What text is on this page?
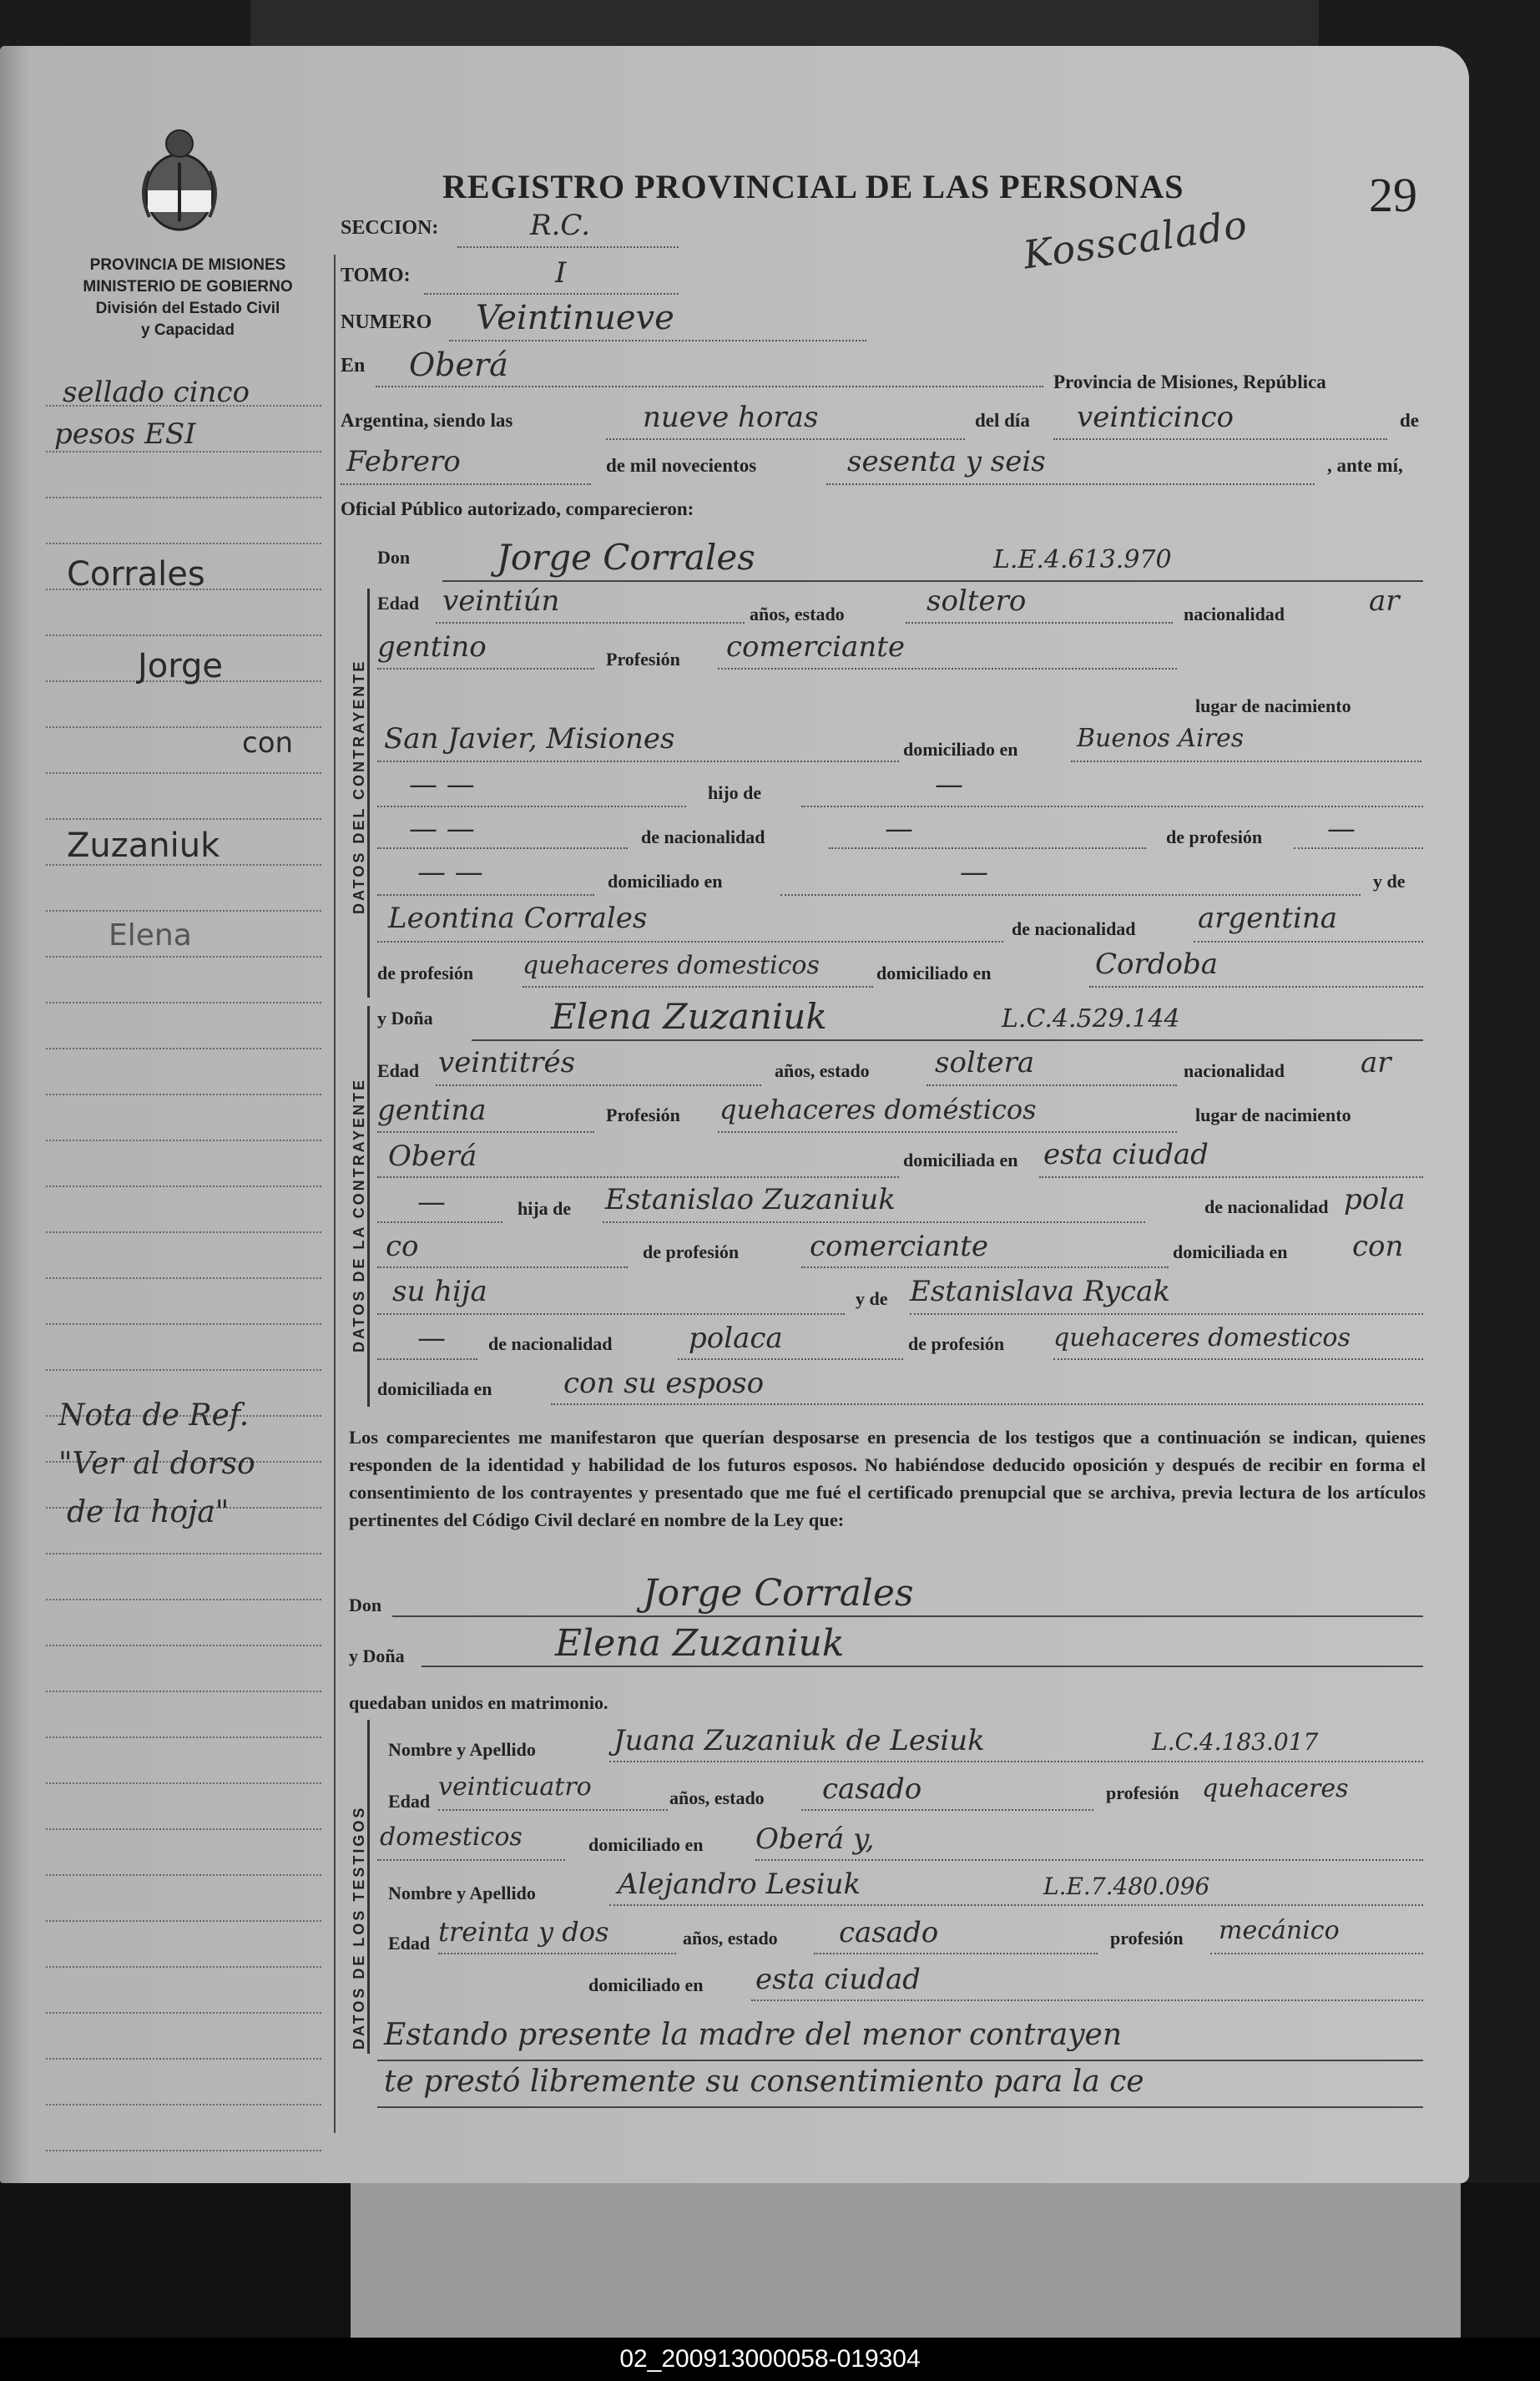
PROVINCIA DE MISIONES
MINISTERIO DE GOBIERNO
División del Estado Civil
y Capacidad
REGISTRO PROVINCIAL DE LAS PERSONAS	29
Kosscalado
sellado cinco
pesos ESI
Corrales
Jorge
con
Zuzaniuk
Elena
Nota de Ref.
"Ver al dorso
de la hoja"
SECCION:	R.C.
TOMO:	I
NUMERO Veintinueve
En Oberá	Provincia de Misiones, República
Argentina, siendo las	nueve horas	del día veinticinco	de
Febrero	de mil novecientos	sesenta y seis	, ante mí,
Oficial Público autorizado, comparecieron:
DATOS DEL CONTRAYENTE
Don Jorge Corrales	L.E.4.613.970
Edad veintiún	años, estado	soltero	nacionalidad	ar
gentino	Profesión comerciante
lugar de nacimiento
San Javier, Misiones	domiciliado en Buenos Aires
— —	hijo de	—
— —	de nacionalidad	—	de profesión —
— —	domiciliado en	—	y de
Leontina Corrales	de nacionalidad argentina
de profesión quehaceres domesticos	domiciliado en	Cordoba
DATOS DE LA CONTRAYENTE
y Doña	Elena Zuzaniuk	L.C.4.529.144
Edad veintitrés	años, estado soltera	nacionalidad	ar
gentina	Profesión quehaceres domésticos	lugar de nacimiento
Oberá	domiciliada en esta ciudad
—	hija de Estanislao Zuzaniuk	de nacionalidad pola
co	de profesión comerciante	domiciliada en con
su hija	y de Estanislava Rycak
— de nacionalidad	polaca	de profesión quehaceres domesticos
domiciliada en	con su esposo
Los comparecientes me manifestaron que querían desposarse en presencia de los testigos que a continuación se indican, quienes responden de la identidad y habilidad de los futuros esposos. No habiéndose deducido oposición y después de recibir en forma el consentimiento de los contrayentes y presentado que me fué el certificado prenupcial que se archiva, previa lectura de los artículos pertinentes del Código Civil declaré en nombre de la Ley que:
Don	Jorge Corrales
y Doña	Elena Zuzaniuk
quedaban unidos en matrimonio.
DATOS DE LOS TESTIGOS
Nombre y Apellido	Juana Zuzaniuk de Lesiuk	L.C.4.183.017
Edad veinticuatro	años, estado casado	profesión quehaceres
domesticos	domiciliado en Oberá y,
Nombre y Apellido	Alejandro Lesiuk	L.E.7.480.096
Edad treinta y dos	años, estado casado	profesión mecánico
domiciliado en esta ciudad
Estando presente la madre del menor contrayen
te prestó libremente su consentimiento para la ce
02_200913000058-019304
